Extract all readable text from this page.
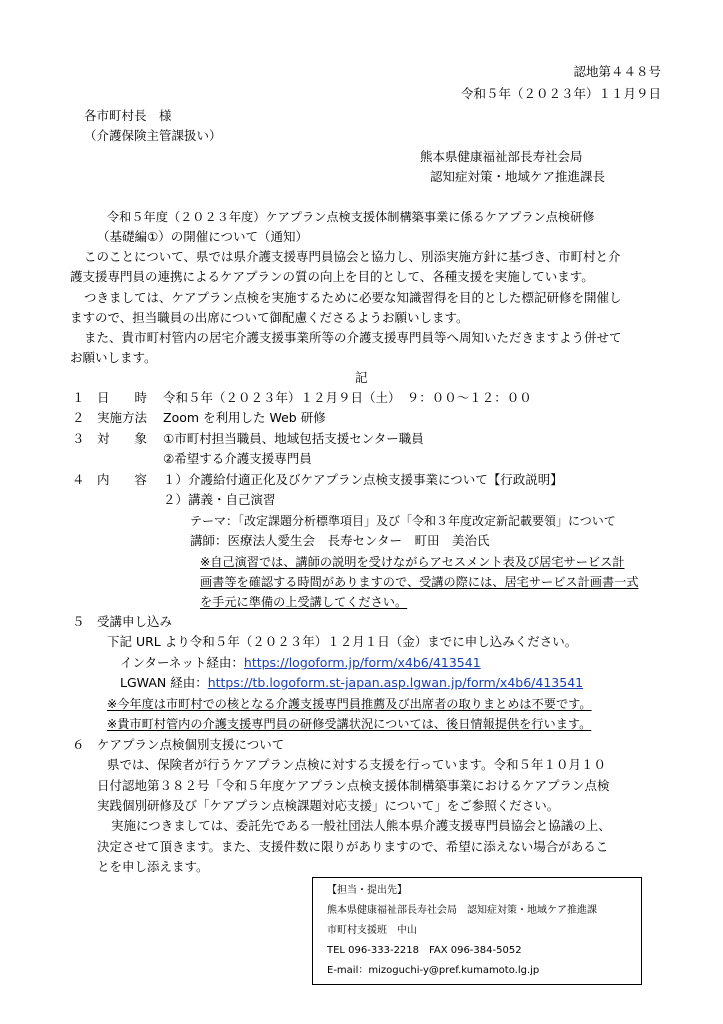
認地第４４８号
令和５年（２０２３年）１１月９日
各市町村長　様
（介護保険主管課扱い）
熊本県健康福祉部長寿社会局
認知症対策・地域ケア推進課長
令和５年度（２０２３年度）ケアプラン点検支援体制構築事業に係るケアプラン点検研修
（基礎編①）の開催について（通知）
このことについて、県では県介護支援専門員協会と協力し、別添実施方針に基づき、市町村と介
護支援専門員の連携によるケアプランの質の向上を目的として、各種支援を実施しています。
つきましては、ケアプラン点検を実施するために必要な知識習得を目的とした標記研修を開催し
ますので、担当職員の出席について御配慮くださるようお願いします。
また、貴市町村管内の居宅介護支援事業所等の介護支援専門員等へ周知いただきますよう併せて
お願いします。
記
１ 日　　時 令和５年（２０２３年）１２月９日（土）　９：００～１２：００
２ 実施方法 Zoom を利用した Web 研修
３ 対　　象 ①市町村担当職員、地域包括支援センター職員
②希望する介護支援専門員
４ 内　　容 １）介護給付適正化及びケアプラン点検支援事業について【行政説明】
２）講義・自己演習
テーマ：「改定課題分析標準項目」及び「令和３年度改定新記載要領」について
講師：医療法人愛生会　長寿センター　町田　美治氏
※自己演習では、講師の説明を受けながらアセスメント表及び居宅サービス計
画書等を確認する時間がありますので、受講の際には、居宅サービス計画書一式
を手元に準備の上受講してください。
５ 受講申し込み
下記 URL より令和５年（２０２３年）１２月１日（金）までに申し込みください。
インターネット経由：https://logoform.jp/form/x4b6/413541
LGWAN 経由：https://tb.logoform.st-japan.asp.lgwan.jp/form/x4b6/413541
※今年度は市町村での核となる介護支援専門員推薦及び出席者の取りまとめは不要です。
※貴市町村管内の介護支援専門員の研修受講状況については、後日情報提供を行います。
６ ケアプラン点検個別支援について
県では、保険者が行うケアプラン点検に対する支援を行っています。令和５年１０月１０
日付認地第３８２号「令和５年度ケアプラン点検支援体制構築事業におけるケアプラン点検
実践個別研修及び「ケアプラン点検課題対応支援」について」をご参照ください。
実施につきましては、委託先である一般社団法人熊本県介護支援専門員協会と協議の上、
決定させて頂きます。また、支援件数に限りがありますので、希望に添えない場合があるこ
とを申し添えます。
【担当・提出先】
熊本県健康福祉部長寿社会局　認知症対策・地域ケア推進課
市町村支援班　中山
TEL 096-333-2218　FAX 096-384-5052
E-mail：mizoguchi-y@pref.kumamoto.lg.jp
